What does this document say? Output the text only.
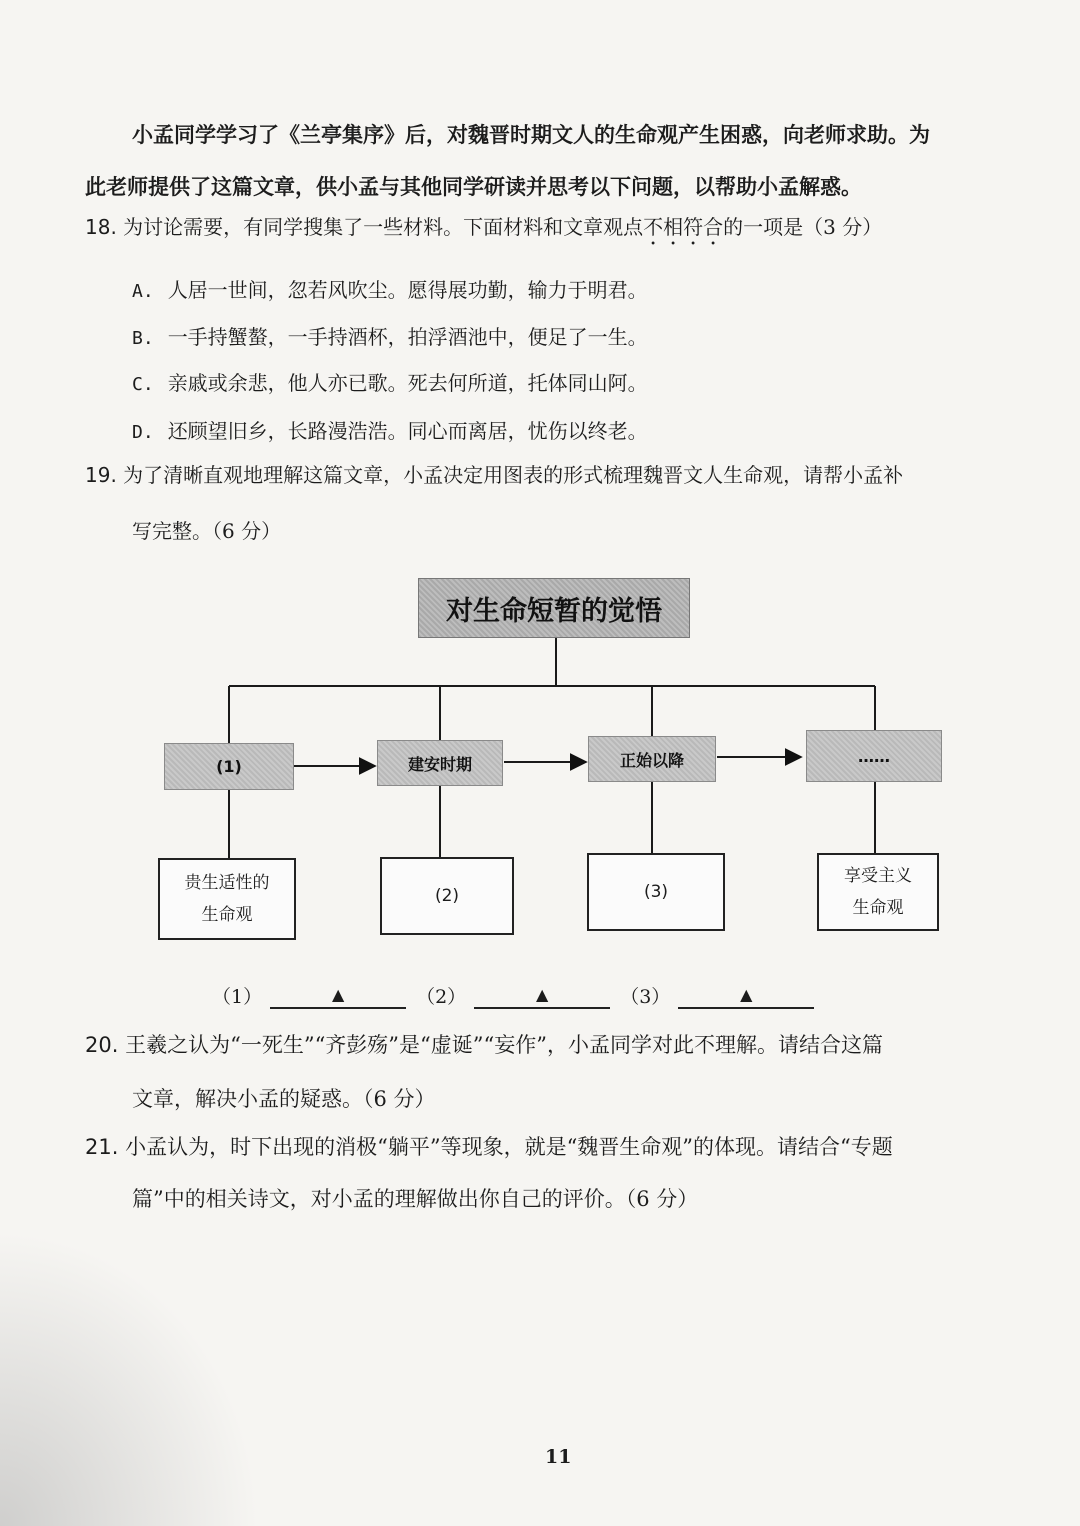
小孟同学学习了《兰亭集序》后，对魏晋时期文人的生命观产生困惑，向老师求助。为
此老师提供了这篇文章，供小孟与其他同学研读并思考以下问题，以帮助小孟解惑。
18. 为讨论需要，有同学搜集了一些材料。下面材料和文章观点不相符合的一项是（3 分）
A. 人居一世间，忽若风吹尘。愿得展功勤，输力于明君。
B. 一手持蟹螯，一手持酒杯，拍浮酒池中，便足了一生。
C. 亲戚或余悲，他人亦已歌。死去何所道，托体同山阿。
D. 还顾望旧乡，长路漫浩浩。同心而离居，忧伤以终老。
19. 为了清晰直观地理解这篇文章，小孟决定用图表的形式梳理魏晋文人生命观，请帮小孟补
写完整。（6 分）
对生命短暂的觉悟
(1)	建安时期	正始以降	……
贵生适性的
生命观
(2)	(3)
享受主义
生命观
（1）	▲	（2）	▲	（3）	▲
20. 王羲之认为“一死生”“齐彭殇”是“虚诞”“妄作”，小孟同学对此不理解。请结合这篇
文章，解决小孟的疑惑。（6 分）
21. 小孟认为，时下出现的消极“躺平”等现象，就是“魏晋生命观”的体现。请结合“专题
篇”中的相关诗文，对小孟的理解做出你自己的评价。（6 分）
11
